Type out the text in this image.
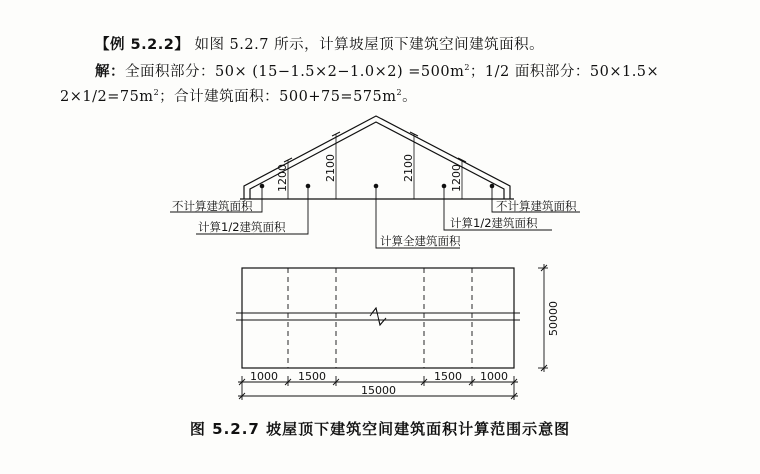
【例 5.2.2】 如图 5.2.7 所示，计算坡屋顶下建筑空间建筑面积。
解：全面积部分：$50\times (15-1.5\times 2-1.0\times 2) =500m^2$；1/2 面积部分：50×1.5×
$2\times 1/2=75m^2$；合计建筑面积：$500+75=575m^2$。
1200	2100	2100	1200
不计算建筑面积
计算1/2建筑面积
计算全建筑面积
计算1/2建筑面积
不计算建筑面积
50000
1000 1500	1500 1000
15000
图 5.2.7 坡屋顶下建筑空间建筑面积计算范围示意图
